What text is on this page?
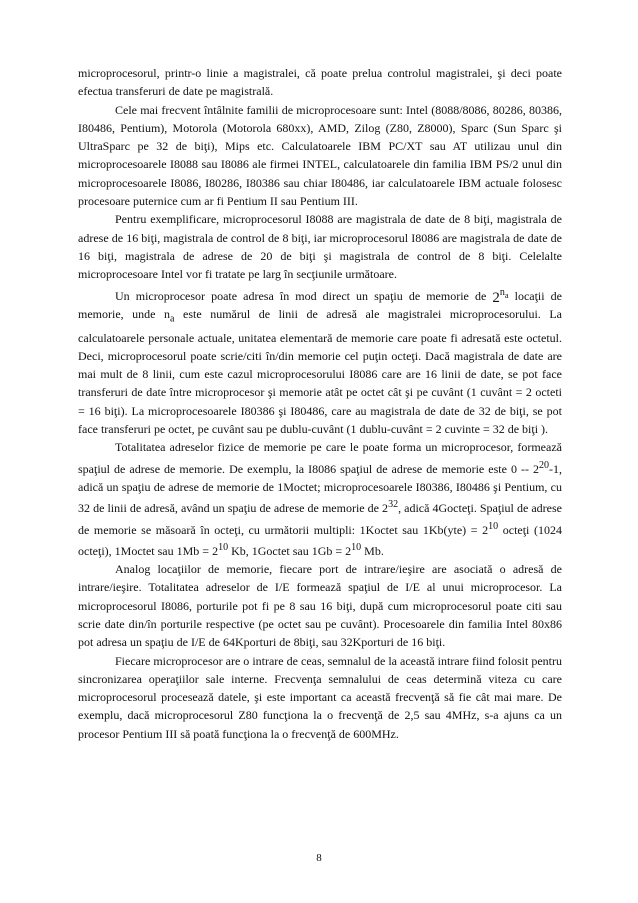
microprocesorul, printr-o linie a magistralei, că poate prelua controlul magistralei, şi deci poate efectua transferuri de date pe magistrală.

Cele mai frecvent întâlnite familii de microprocesoare sunt: Intel (8088/8086, 80286, 80386, I80486, Pentium), Motorola (Motorola 680xx), AMD, Zilog (Z80, Z8000), Sparc (Sun Sparc şi UltraSparc pe 32 de biţi), Mips etc. Calculatoarele IBM PC/XT sau AT utilizau unul din microprocesoarele I8088 sau I8086 ale firmei INTEL, calculatoarele din familia IBM PS/2 unul din microprocesoarele I8086, I80286, I80386 sau chiar I80486, iar calculatoarele IBM actuale folosesc procesoare puternice cum ar fi Pentium II sau Pentium III.

Pentru exemplificare, microprocesorul I8088 are magistrala de date de 8 biţi, magistrala de adrese de 16 biţi, magistrala de control de 8 biţi, iar microprocesorul I8086 are magistrala de date de 16 biţi, magistrala de adrese de 20 de biţi şi magistrala de control de 8 biţi. Celelalte microprocesoare Intel vor fi tratate pe larg în secţiunile următoare.

Un microprocesor poate adresa în mod direct un spaţiu de memorie de $2^{n_a}$ locaţii de memorie, unde $n_a$ este numărul de linii de adresă ale magistralei microprocesorului. La calculatoarele personale actuale, unitatea elementară de memorie care poate fi adresată este octetul. Deci, microprocesorul poate scrie/citi în/din memorie cel puţin octeţi. Dacă magistrala de date are mai mult de 8 linii, cum este cazul microprocesorului I8086 care are 16 linii de date, se pot face transferuri de date între microprocesor şi memorie atât pe octet cât şi pe cuvânt (1 cuvânt = 2 octeti = 16 biţi). La microprocesoarele I80386 şi I80486, care au magistrala de date de 32 de biţi, se pot face transferuri pe octet, pe cuvânt sau pe dublu-cuvânt (1 dublu-cuvânt = 2 cuvinte = 32 de biţi ).

Totalitatea adreselor fizice de memorie pe care le poate forma un microprocesor, formează spaţiul de adrese de memorie. De exemplu, la I8086 spaţiul de adrese de memorie este $0 -- 2^{20}-1$, adică un spaţiu de adrese de memorie de 1Moctet; microprocesoarele I80386, I80486 şi Pentium, cu 32 de linii de adresă, având un spaţiu de adrese de memorie de $2^{32}$, adică 4Gocteţi. Spaţiul de adrese de memorie se măsoară în octeţi, cu următorii multipli: 1Koctet sau $1Kb(yte) = 2^{10}$ octeţi (1024 octeţi), 1Moctet sau $1Mb = 2^{10}$ Kb, 1Goctet sau $1Gb = 2^{10}$ Mb.

Analog locaţiilor de memorie, fiecare port de intrare/ieşire are asociată o adresă de intrare/ieşire. Totalitatea adreselor de I/E formează spaţiul de I/E al unui microprocesor. La microprocesorul I8086, porturile pot fi pe 8 sau 16 biţi, după cum microprocesorul poate citi sau scrie date din/în porturile respective (pe octet sau pe cuvânt). Procesoarele din familia Intel 80x86 pot adresa un spaţiu de I/E de 64Kporturi de 8biţi, sau 32Kporturi de 16 biţi.

Fiecare microprocesor are o intrare de ceas, semnalul de la această intrare fiind folosit pentru sincronizarea operaţiilor sale interne. Frecvenţa semnalului de ceas determină viteza cu care microprocesorul procesează datele, şi este important ca această frecvenţă să fie cât mai mare. De exemplu, dacă microprocesorul Z80 funcţiona la o frecvenţă de 2,5 sau 4MHz, s-a ajuns ca un procesor Pentium III să poată funcţiona la o frecvenţă de 600MHz.

8
